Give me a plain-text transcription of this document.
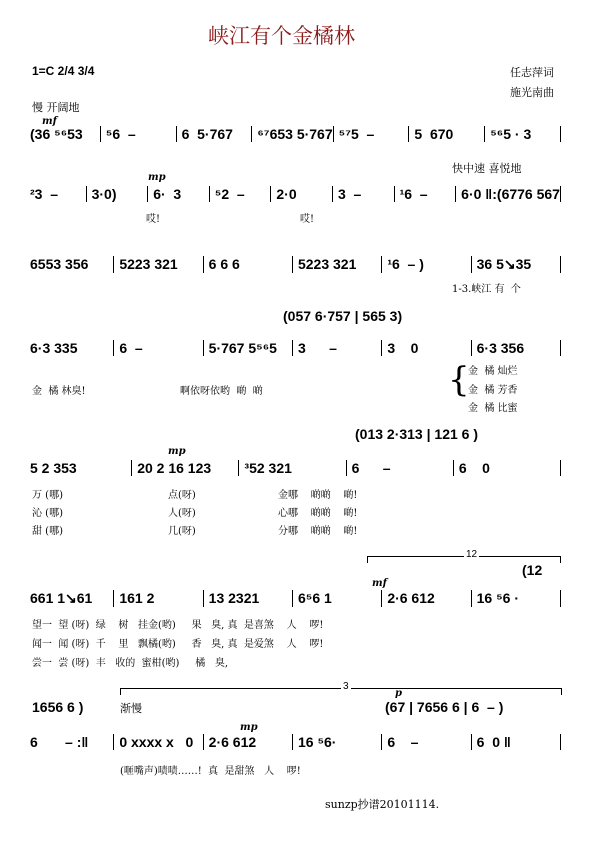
峡江有个金橘林
1=C 2/4 3/4	任志萍词
施光南曲
慢 开阔地
mf
(36 ⁵⁶53	⁵6  –	6  5·767	⁶⁷653 5·767 ⁵⁷5  –	5  670	⁵⁶5 · 3
快中速 喜悦地
mp
²3  –	3·0)	6·  3	⁵2  –	2·0	3  –	¹6  –	6·0 ‖:(6776 567
哎!	哎!
6553 356	5223 321	6 6 6	5223 321	¹6  – )	36 5↘35
1-3.峡江 有  个
(057 6·757 | 565 3)
6·3 335	6  –	5·767 5⁵⁶5	3      –	3    0	6·3 356
金  橘 林臭!	啊依呀依哟  啲  啲	{
金  橘 灿烂
金  橘 芳香
金  橘 比蜜
(013 2·313 | 121 6 )
mp
5 2 353	20 2 16 123	³52 321	6      –	6    0
万 (哪)	点(呀)	金哪    啲啲    啲!
沁 (哪)	人(呀)	心哪    啲啲    啲!
甜 (哪)	几(呀)	分哪    啲啲    啲!
12
(12
mf
661 1↘61	161 2	13 2321	6⁵6 1	2·6 612	16 ⁵6 ·
望一  望 (呀)  绿    树   挂金(哟)     果   臭, 真  是喜煞    人    啰!
闻一  闻 (呀)  千    里   飘橘(哟)     香   臭, 真  是爱煞    人    啰!
尝一  尝 (呀)  丰   收的  蜜柑(哟)     橘   臭,
3
1656 6 )	渐慢
p
(67 | 7656 6 | 6  – )
mp
6       – :‖	0 xxxx x   0	2·6 612	16 ⁵6·	6    –	6  0 ‖
(咂嘴声)啧啧……!  真  是甜煞   人    啰!
sunzp抄谱20101114.
